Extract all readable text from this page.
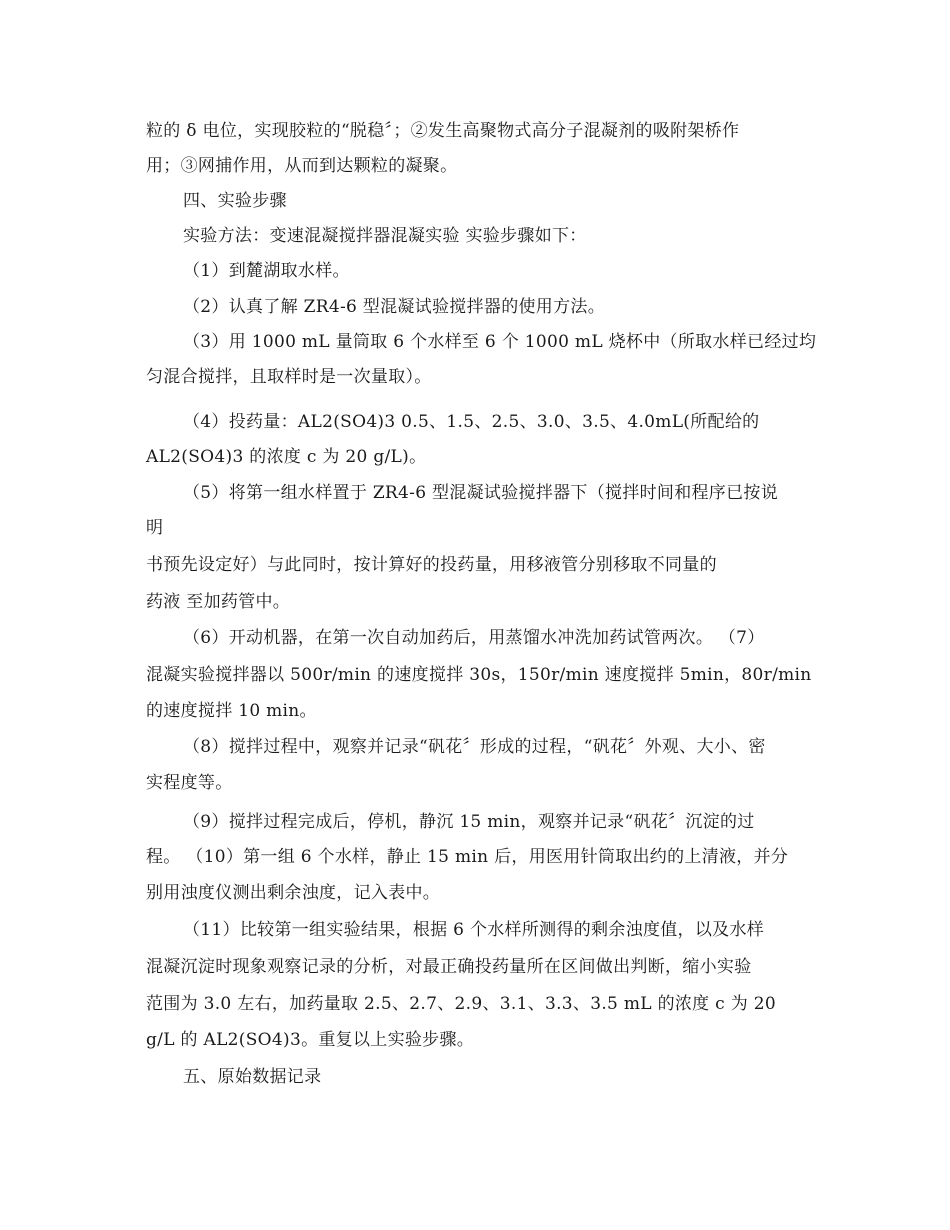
粒的 δ 电位，实现胶粒的“脱稳〞；②发生高聚物式高分子混凝剂的吸附架桥作
用；③网捕作用，从而到达颗粒的凝聚。
四、实验步骤
实验方法：变速混凝搅拌器混凝实验 实验步骤如下：
（1）到麓湖取水样。
（2）认真了解 ZR4-6 型混凝试验搅拌器的使用方法。
（3）用 1000 mL 量筒取 6 个水样至 6 个 1000 mL 烧杯中（所取水样已经过均
匀混合搅拌，且取样时是一次量取）。
（4）投药量：AL2(SO4)3 0.5、1.5、2.5、3.0、3.5、4.0mL(所配给的
AL2(SO4)3 的浓度 c 为 20 g/L)。
（5）将第一组水样置于 ZR4-6 型混凝试验搅拌器下（搅拌时间和程序已按说
明
书预先设定好）与此同时，按计算好的投药量，用移液管分别移取不同量的
药液 至加药管中。
（6）开动机器，在第一次自动加药后，用蒸馏水冲洗加药试管两次。 （7）
混凝实验搅拌器以 500r/min 的速度搅拌 30s，150r/min 速度搅拌 5min，80r/min
的速度搅拌 10 min。
（8）搅拌过程中，观察并记录“矾花〞形成的过程，“矾花〞外观、大小、密
实程度等。
（9）搅拌过程完成后，停机，静沉 15 min，观察并记录“矾花〞沉淀的过
程。 （10）第一组 6 个水样，静止 15 min 后，用医用针筒取出约的上清液，并分
别用浊度仪测出剩余浊度，记入表中。
（11）比较第一组实验结果，根据 6 个水样所测得的剩余浊度值，以及水样
混凝沉淀时现象观察记录的分析，对最正确投药量所在区间做出判断，缩小实验
范围为 3.0 左右，加药量取 2.5、2.7、2.9、3.1、3.3、3.5 mL 的浓度 c 为 20
g/L 的 AL2(SO4)3。重复以上实验步骤。
五、原始数据记录
